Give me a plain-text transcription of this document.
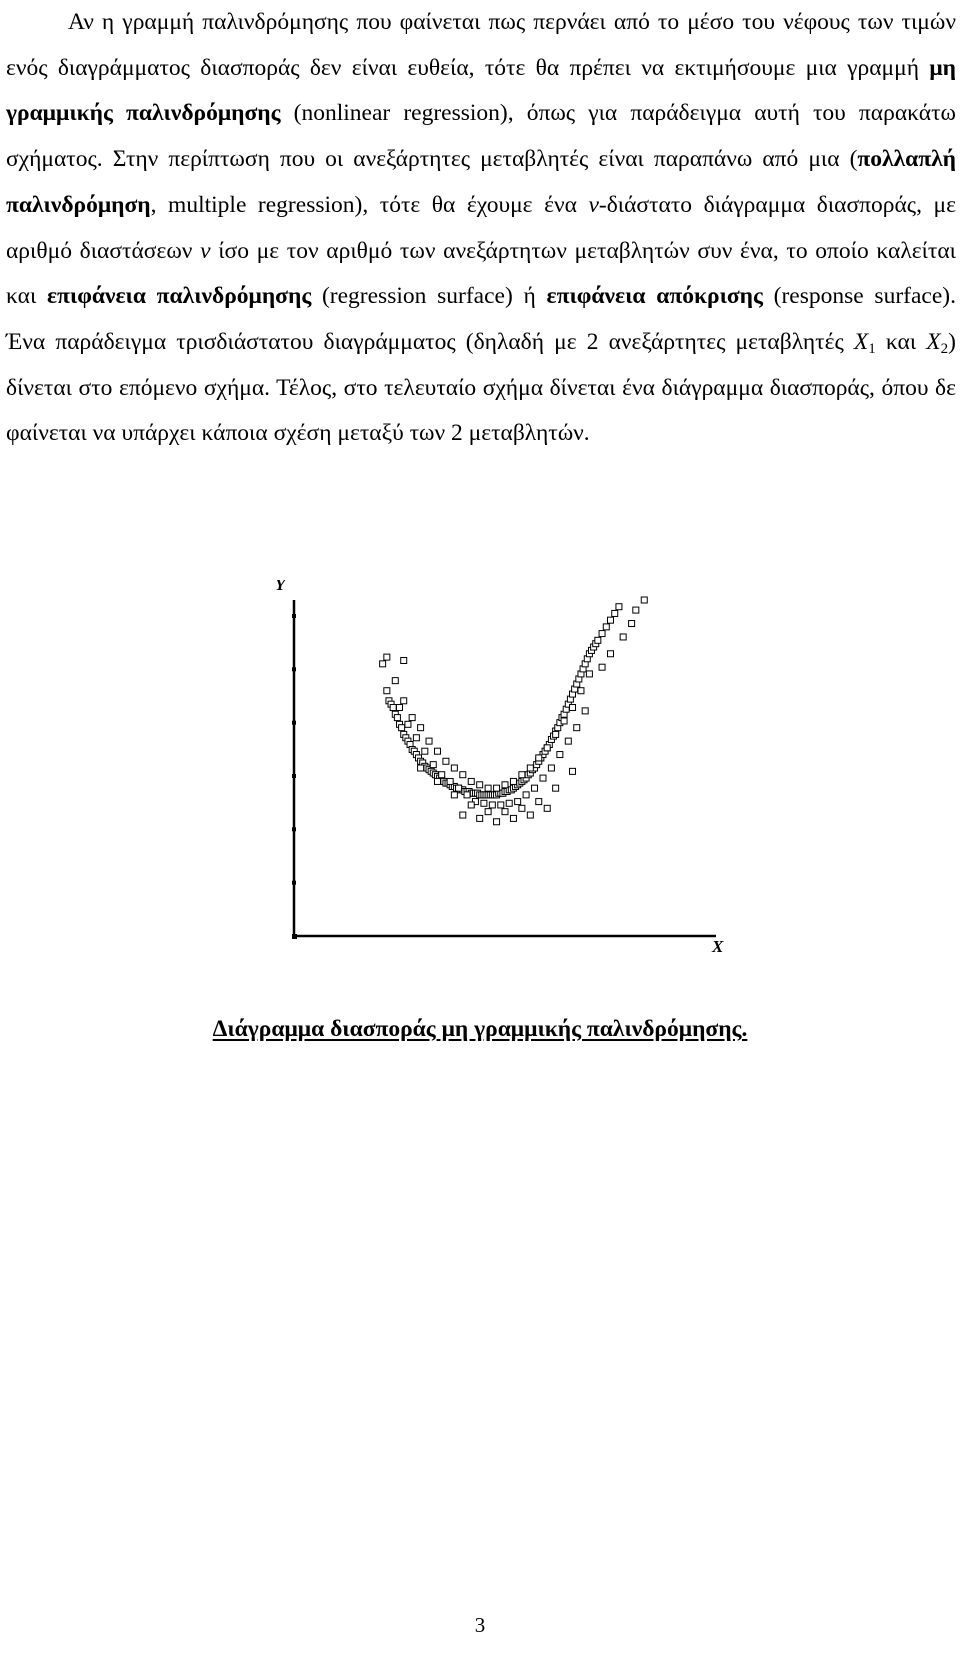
Αν η γραμμή παλινδρόμησης που φαίνεται πως περνάει από το μέσο του νέφους των τιμών ενός διαγράμματος διασποράς δεν είναι ευθεία, τότε θα πρέπει να εκτιμήσουμε μια γραμμή μη γραμμικής παλινδρόμησης (nonlinear regression), όπως για παράδειγμα αυτή του παρακάτω σχήματος. Στην περίπτωση που οι ανεξάρτητες μεταβλητές είναι παραπάνω από μια (πολλαπλή παλινδρόμηση, multiple regression), τότε θα έχουμε ένα ν-διάστατο διάγραμμα διασποράς, με αριθμό διαστάσεων ν ίσο με τον αριθμό των ανεξάρτητων μεταβλητών συν ένα, το οποίο καλείται και επιφάνεια παλινδρόμησης (regression surface) ή επιφάνεια απόκρισης (response surface). Ένα παράδειγμα τρισδιάστατου διαγράμματος (δηλαδή με 2 ανεξάρτητες μεταβλητές $X_1$ και $X_2$) δίνεται στο επόμενο σχήμα. Τέλος, στο τελευταίο σχήμα δίνεται ένα διάγραμμα διασποράς, όπου δε φαίνεται να υπάρχει κάποια σχέση μεταξύ των 2 μεταβλητών.

Y
X

Διάγραμμα διασποράς μη γραμμικής παλινδρόμησης.

3
